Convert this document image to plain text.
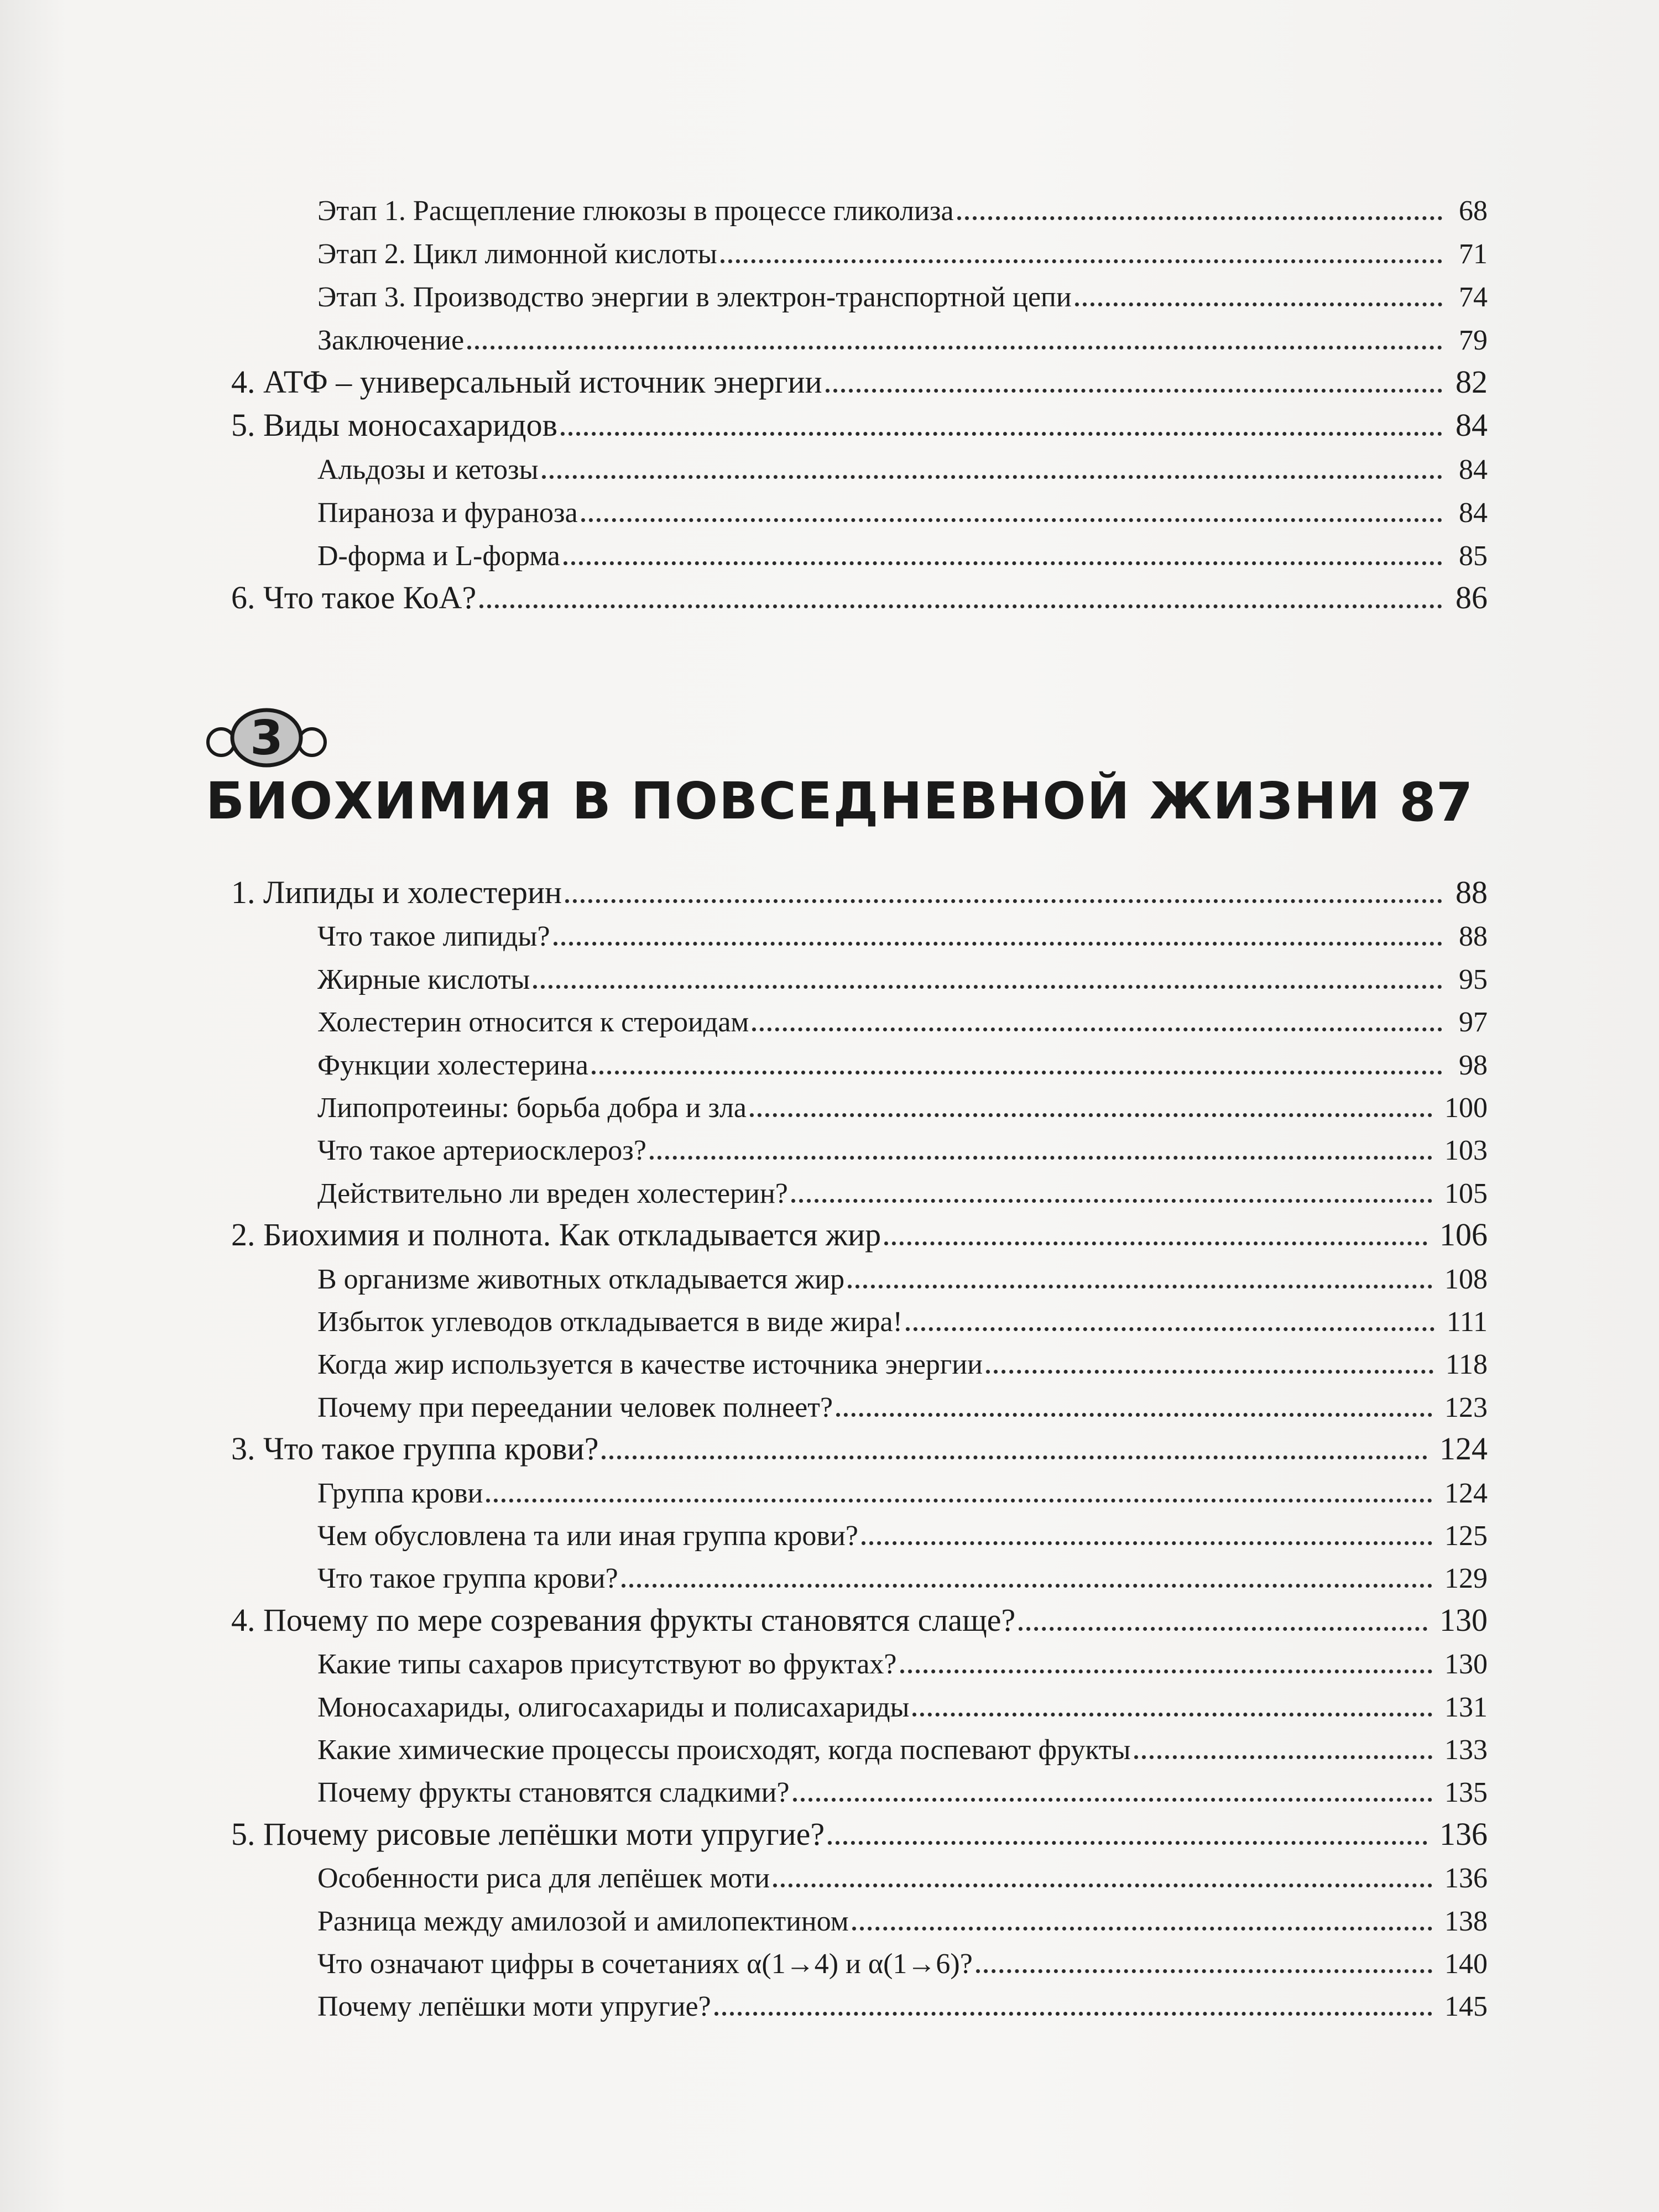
Этап 1. Расщепление глюкозы в процессе гликолиза	68
Этап 2. Цикл лимонной кислоты	71
Этап 3. Производство энергии в электрон-транспортной цепи	74
Заключение	79
4. АТФ – универсальный источник энергии	82
5. Виды моносахаридов	84
Альдозы и кетозы	84
Пираноза и фураноза	84
D-форма и L-форма	85
6. Что такое КоА?	86
1. Липиды и холестерин	88
Что такое липиды?	88
Жирные кислоты	95
Холестерин относится к стероидам	97
Функции холестерина	98
Липопротеины: борьба добра и зла	100
Что такое артериосклероз?	103
Действительно ли вреден холестерин?	105
2. Биохимия и полнота. Как откладывается жир	106
В организме животных откладывается жир	108
Избыток углеводов откладывается в виде жира!	111
Когда жир используется в качестве источника энергии	118
Почему при переедании человек полнеет?	123
3. Что такое группа крови?	124
Группа крови	124
Чем обусловлена та или иная группа крови?	125
Что такое группа крови?	129
4. Почему по мере созревания фрукты становятся слаще?	130
Какие типы сахаров присутствуют во фруктах?	130
Моносахариды, олигосахариды и полисахариды	131
Какие химические процессы происходят, когда поспевают фрукты	133
Почему фрукты становятся сладкими?	135
5. Почему рисовые лепёшки моти упругие?	136
Особенности риса для лепёшек моти	136
Разница между амилозой и амилопектином	138
Что означают цифры в сочетаниях α(1→4) и α(1→6)?	140
Почему лепёшки моти упругие?	145
3
БИОХИМИЯ В ПОВСЕДНЕВНОЙ ЖИЗНИ 87
